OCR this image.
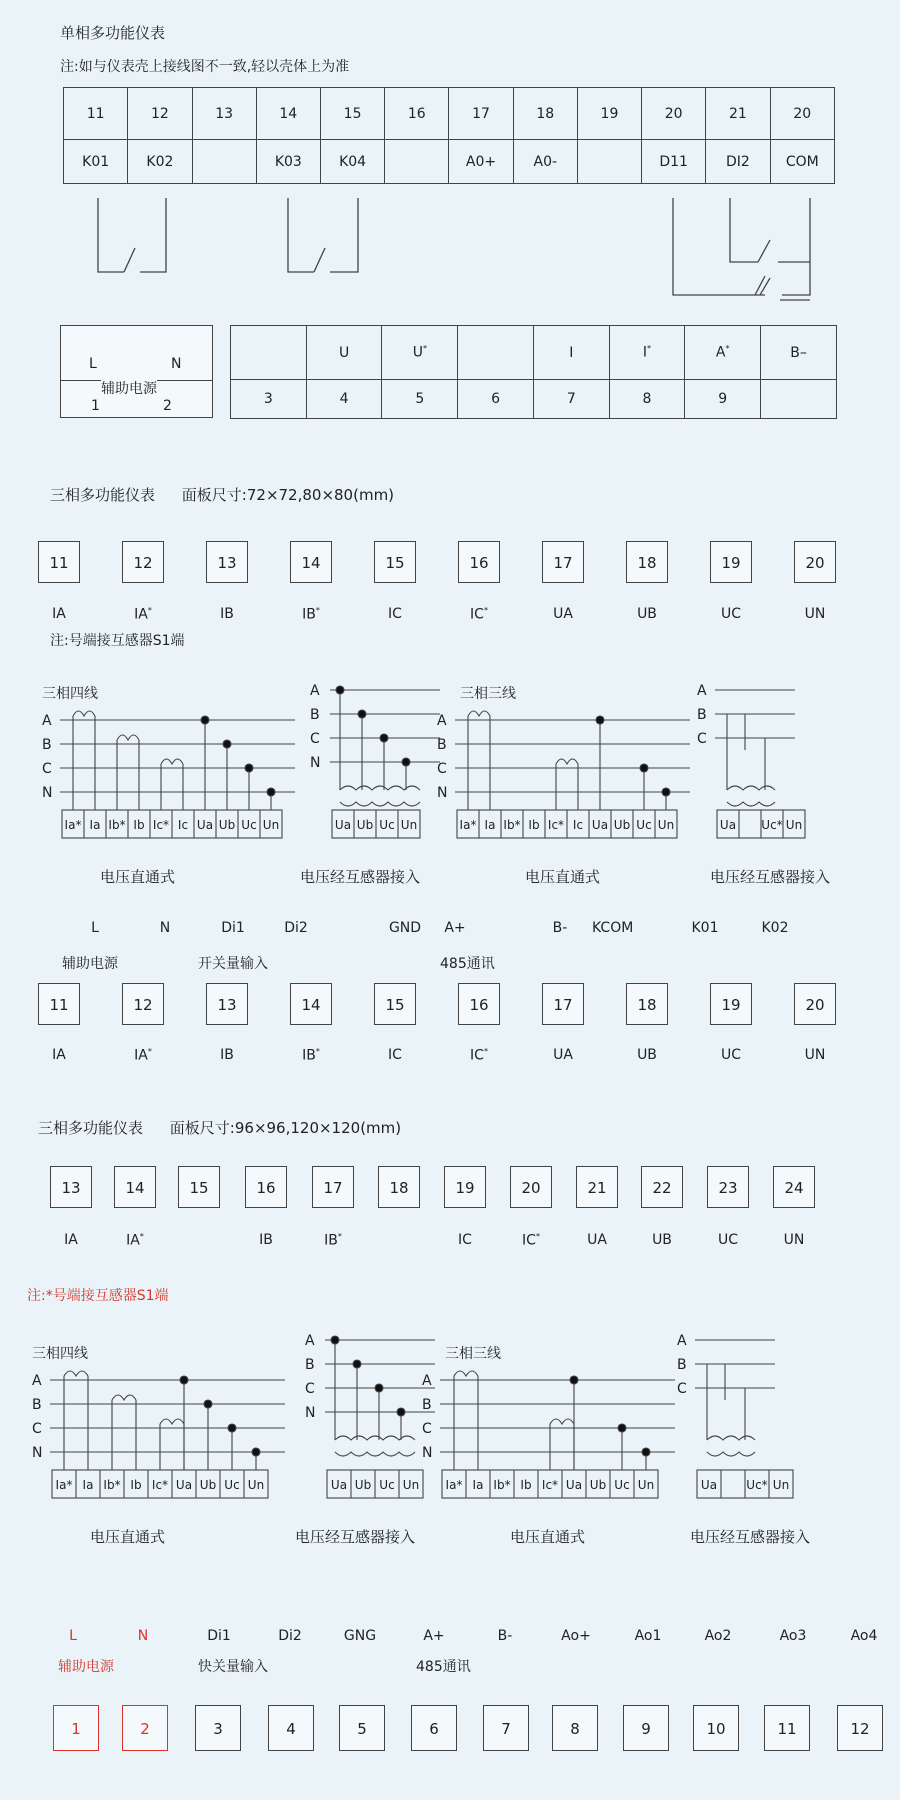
单相多功能仪表
注:如与仪表壳上接线图不一致,轻以壳体上为准
11	12	13	14	15	16	17	18	19	20	21	20
K01	K02		K03	K04		A0+	A0-		D11	DI2	COM
L	N
辅助电源
1	2
	U	U*		I	I*	A*	B–
3	4	5	6	7	8	9	
三相多功能仪表 面板尺寸:72×72,80×80(mm)
11
IA
12
IA*
13
IB
14
IB*
15
IC
16
IC*
17
UA
18
UB
19
UC
20
UN
注:号端接互感器S1端
A
B
C
N
三相四线
Ia* Ia Ib* Ib Ic* Ic Ua Ub Uc Un
电压直通式
A
B
C
N
Ua Ub Uc Un
电压经互感器接入
三相三线
A
B
C
N
Ia* Ia Ib* Ib Ic* Ic Ua Ub Uc Un
电压直通式
A
B
C
Ua Uc* Un
电压经互感器接入
L	N	Di1	Di2	GND	A+	B-	KCOM	K01	K02
辅助电源	开关量输入	485通讯
11
IA
12
IA*
13
IB
14
IB*
15
IC
16
IC*
17
UA
18
UB
19
UC
20
UN
三相多功能仪表 面板尺寸:96×96,120×120(mm)
13
IA
14
IA*
15	16
IB
17
IB*
18	19
IC
20
IC*
21
UA
22
UB
23
UC
24
UN
注:*号端接互感器S1端
A
B
C
N
三相四线
Ia* Ia Ib* Ib Ic* Ua Ub Uc Un
电压直通式
A
B
C
N
Ua Ub Uc Un
电压经互感器接入
三相三线
A
B
C
N
Ia* Ia Ib* Ib Ic* Ua Ub Uc Un
电压直通式
A
B
C
Ua Uc* Un
电压经互感器接入
L	N	Di1	Di2	GNG	A+	B-	Ao+	Ao1	Ao2	Ao3	Ao4
辅助电源	快关量输入	485通讯
1	2	3	4	5	6	7	8	9	10	11	12
